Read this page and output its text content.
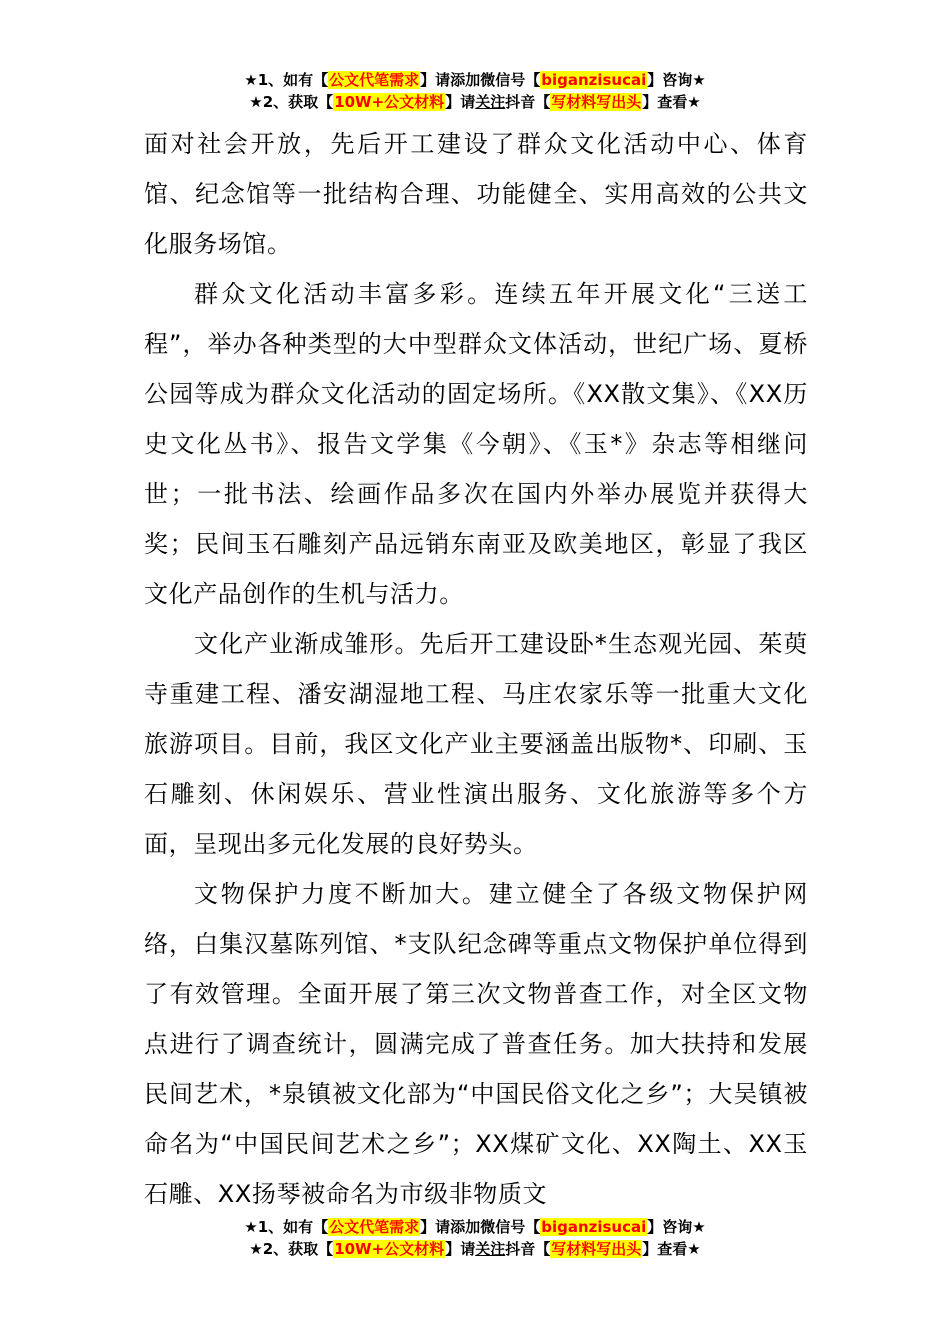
★1、如有【公文代笔需求】请添加微信号【biganzisucai】咨询★
★2、获取【10W+公文材料】请关注抖音【写材料写出头】查看★

面对社会开放，先后开工建设了群众文化活动中心、体育馆、纪念馆等一批结构合理、功能健全、实用高效的公共文化服务场馆。

群众文化活动丰富多彩。连续五年开展文化“三送工程”，举办各种类型的大中型群众文体活动，世纪广场、夏桥公园等成为群众文化活动的固定场所。《XX散文集》、《XX历史文化丛书》、报告文学集《今朝》、《玉*》杂志等相继问世；一批书法、绘画作品多次在国内外举办展览并获得大奖；民间玉石雕刻产品远销东南亚及欧美地区，彰显了我区文化产品创作的生机与活力。

文化产业渐成雏形。先后开工建设卧*生态观光园、茱萸寺重建工程、潘安湖湿地工程、马庄农家乐等一批重大文化旅游项目。目前，我区文化产业主要涵盖出版物*、印刷、玉石雕刻、休闲娱乐、营业性演出服务、文化旅游等多个方面，呈现出多元化发展的良好势头。

文物保护力度不断加大。建立健全了各级文物保护网络，白集汉墓陈列馆、*支队纪念碑等重点文物保护单位得到了有效管理。全面开展了第三次文物普查工作，对全区文物点进行了调查统计，圆满完成了普查任务。加大扶持和发展民间艺术，*泉镇被文化部为“中国民俗文化之乡”；大吴镇被命名为“中国民间艺术之乡”；XX煤矿文化、XX陶土、XX玉石雕、XX扬琴被命名为市级非物质文

★1、如有【公文代笔需求】请添加微信号【biganzisucai】咨询★
★2、获取【10W+公文材料】请关注抖音【写材料写出头】查看★
